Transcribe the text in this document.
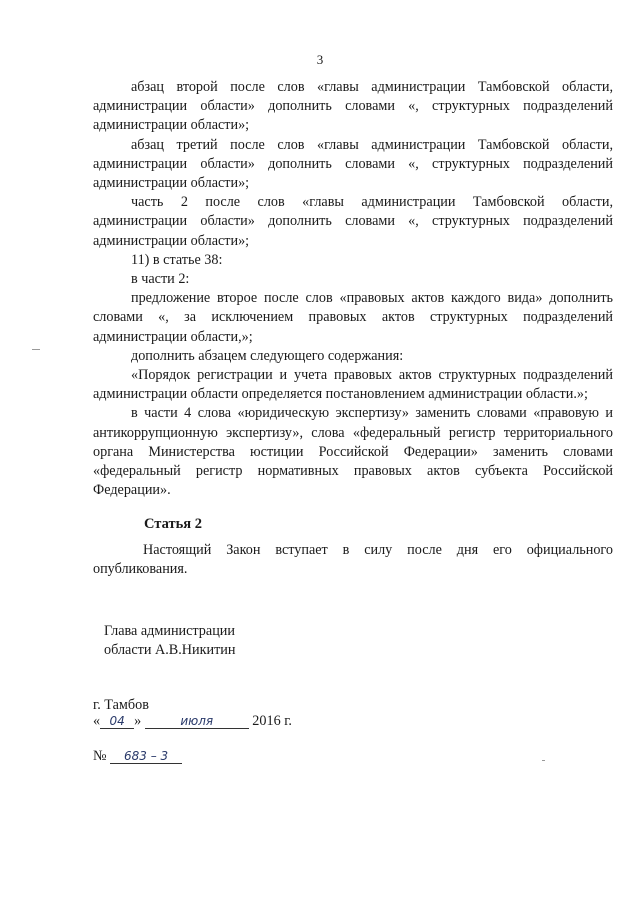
3

абзац второй после слов «главы администрации Тамбовской области, администрации области» дополнить словами «, структурных подразделений администрации области»;

абзац третий после слов «главы администрации Тамбовской области, администрации области» дополнить словами «, структурных подразделений администрации области»;

часть 2 после слов «главы администрации Тамбовской области, администрации области» дополнить словами «, структурных подразделений администрации области»;

11) в статье 38:

в части 2:

предложение второе после слов «правовых актов каждого вида» дополнить словами «, за исключением правовых актов структурных подразделений администрации области,»;

дополнить абзацем следующего содержания:

«Порядок регистрации и учета правовых актов структурных подразделений администрации области определяется постановлением администрации области.»;

в части 4 слова «юридическую экспертизу» заменить словами «правовую и антикоррупционную экспертизу», слова «федеральный регистр территориального органа Министерства юстиции Российской Федерации» заменить словами «федеральный регистр нормативных правовых актов субъекта Российской Федерации».

Статья 2

Настоящий Закон вступает в силу после дня его официального опубликования.

Глава администрации
области А.В.Никитин
г. Тамбов
« 04 »	июля	2016 г.
№ 683 – 3
